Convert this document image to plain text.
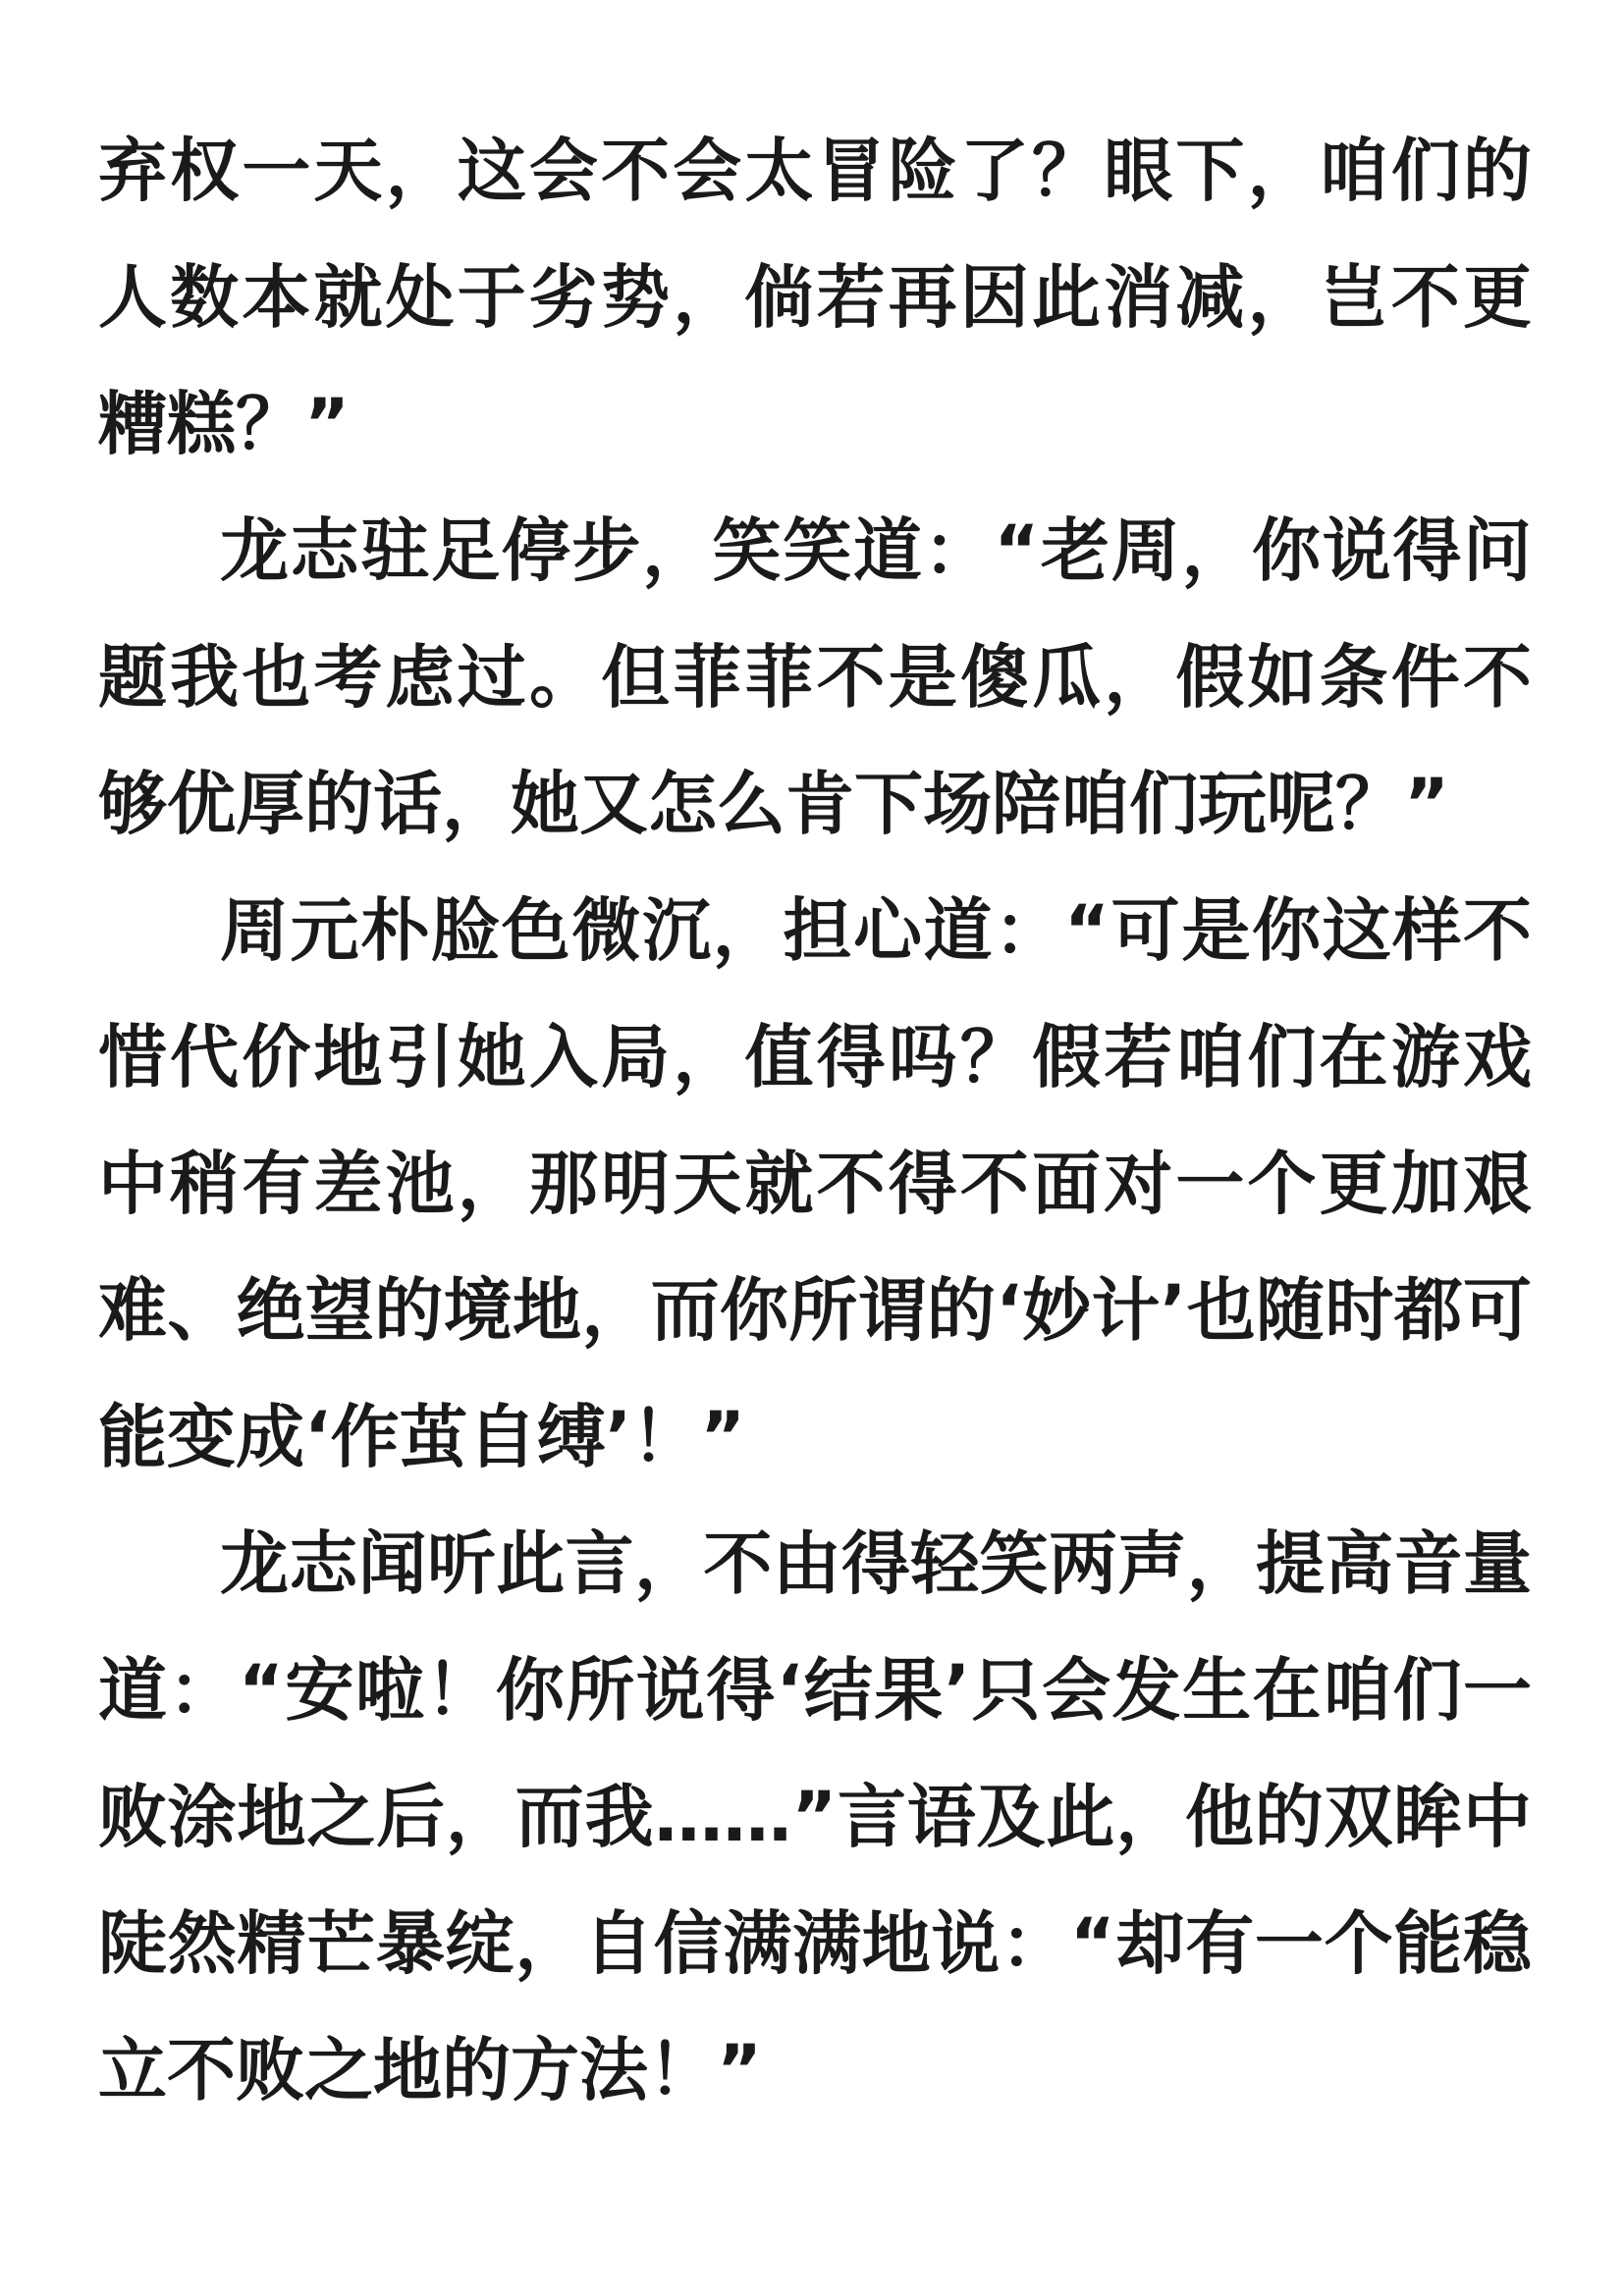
弃权一天，这会不会太冒险了？眼下，咱们的人数本就处于劣势，倘若再因此消减，岂不更糟糕？”

龙志驻足停步，笑笑道：“老周，你说得问题我也考虑过。但菲菲不是傻瓜，假如条件不够优厚的话，她又怎么肯下场陪咱们玩呢？”

周元朴脸色微沉，担心道：“可是你这样不惜代价地引她入局，值得吗？假若咱们在游戏中稍有差池，那明天就不得不面对一个更加艰难、绝望的境地，而你所谓的‘妙计’也随时都可能变成‘作茧自缚’！”

龙志闻听此言，不由得轻笑两声，提高音量道：“安啦！你所说得‘结果’只会发生在咱们一败涂地之后，而我……”言语及此，他的双眸中陡然精芒暴绽，自信满满地说：“却有一个能稳立不败之地的方法！”
